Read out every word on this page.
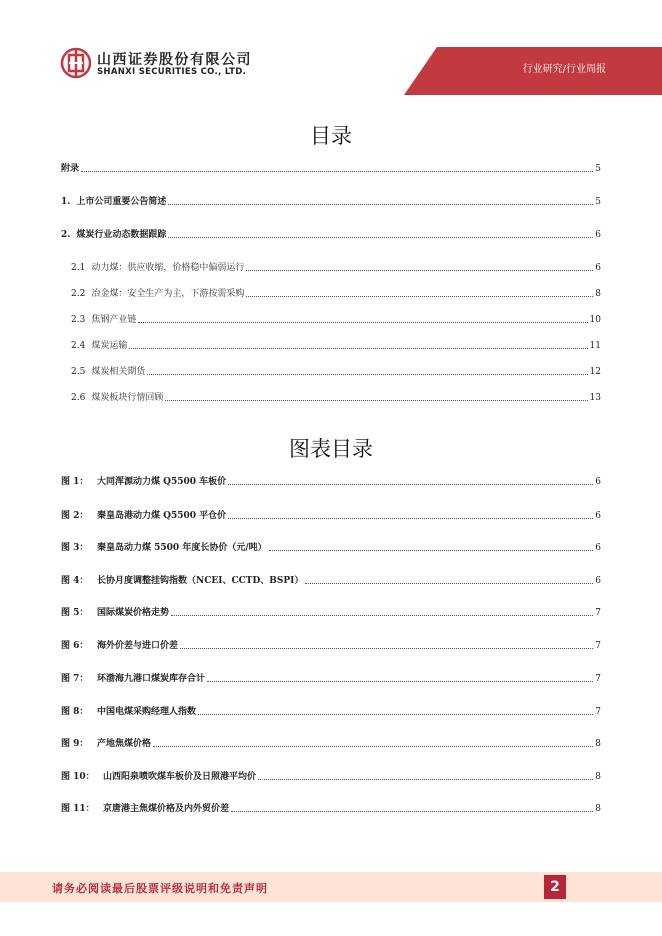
山西证券股份有限公司
SHANXI SECURITIES CO., LTD.	行业研究/行业周报
目录
附录	5
1. 上市公司重要公告简述	5
2. 煤炭行业动态数据跟踪	6
2.1 动力煤：供应收缩，价格稳中偏弱运行	6
2.2 冶金煤：安全生产为主，下游按需采购	8
2.3 焦钢产业链	10
2.4 煤炭运输	11
2.5 煤炭相关期货	12
2.6 煤炭板块行情回顾	13
图表目录
图 1： 大同浑源动力煤 Q5500 车板价	6
图 2： 秦皇岛港动力煤 Q5500 平仓价	6
图 3： 秦皇岛动力煤 5500 年度长协价（元/吨）	6
图 4： 长协月度调整挂钩指数（NCEI、CCTD、BSPI）	6
图 5： 国际煤炭价格走势	7
图 6： 海外价差与进口价差	7
图 7： 环渤海九港口煤炭库存合计	7
图 8： 中国电煤采购经理人指数	7
图 9： 产地焦煤价格	8
图 10： 山西阳泉喷吹煤车板价及日照港平均价	8
图 11： 京唐港主焦煤价格及内外贸价差	8
请务必阅读最后股票评级说明和免责声明	2
